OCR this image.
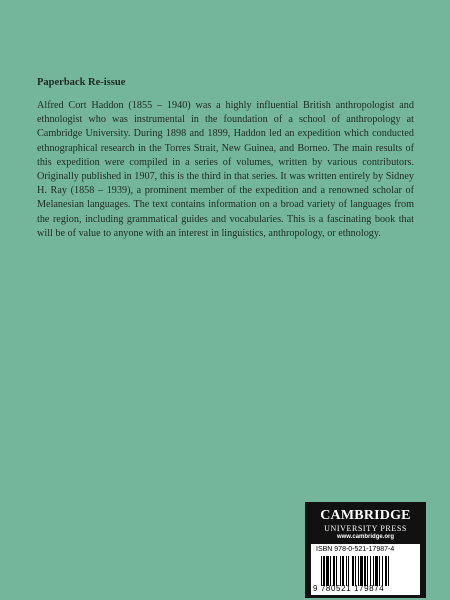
Paperback Re-issue

Alfred Cort Haddon (1855 – 1940) was a highly influential British anthropologist and ethnologist who was instrumental in the foundation of a school of anthropology at Cambridge University. During 1898 and 1899, Haddon led an expedition which conducted ethnographical research in the Torres Strait, New Guinea, and Borneo. The main results of this expedition were compiled in a series of volumes, written by various contributors. Originally published in 1907, this is the third in that series. It was written entirely by Sidney H. Ray (1858 – 1939), a prominent member of the expedition and a renowned scholar of Melanesian languages. The text contains information on a broad variety of languages from the region, including grammatical guides and vocabularies. This is a fascinating book that will be of value to anyone with an interest in linguistics, anthropology, or ethnology.

CAMBRIDGE
UNIVERSITY PRESS
www.cambridge.org
ISBN 978-0-521-17987-4
9 780521 179874
